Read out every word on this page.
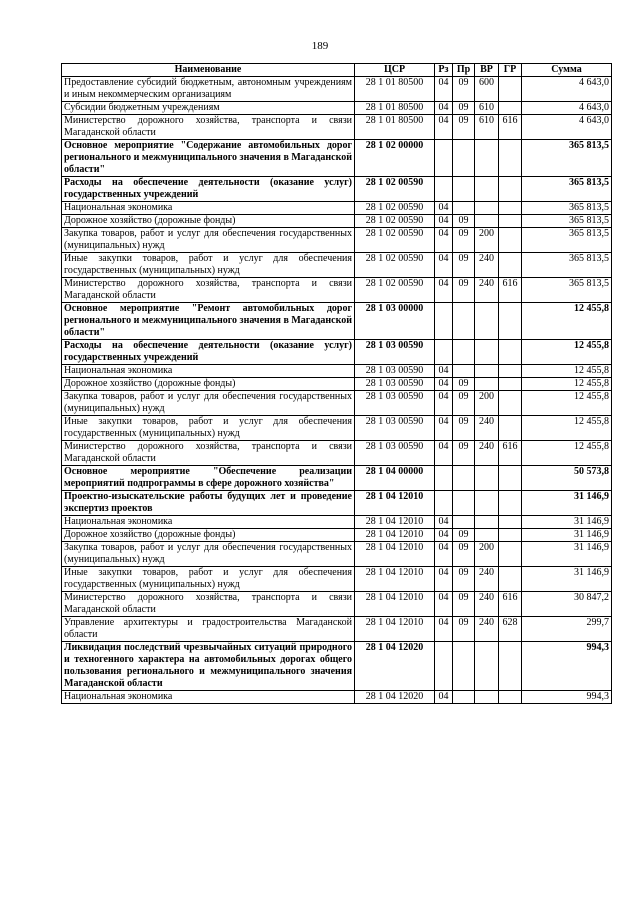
189
Наименование	ЦСР	Рз	Пр	ВР	ГР	Сумма
Предоставление субсидий бюджетным, автономным учреждениям и иным некоммерческим организациям	28 1 01 80500	04	09	600		4 643,0
Субсидии бюджетным учреждениям	28 1 01 80500	04	09	610		4 643,0
Министерство дорожного хозяйства, транспорта и связи Магаданской области	28 1 01 80500	04	09	610	616	4 643,0
Основное мероприятие "Содержание автомобильных дорог регионального и межмуниципального значения в Магаданской области"	28 1 02 00000					365 813,5
Расходы на обеспечение деятельности (оказание услуг) государственных учреждений	28 1 02 00590					365 813,5
Национальная экономика	28 1 02 00590	04				365 813,5
Дорожное хозяйство (дорожные фонды)	28 1 02 00590	04	09			365 813,5
Закупка товаров, работ и услуг для обеспечения государственных (муниципальных) нужд	28 1 02 00590	04	09	200		365 813,5
Иные закупки товаров, работ и услуг для обеспечения государственных (муниципальных) нужд	28 1 02 00590	04	09	240		365 813,5
Министерство дорожного хозяйства, транспорта и связи Магаданской области	28 1 02 00590	04	09	240	616	365 813,5
Основное мероприятие "Ремонт автомобильных дорог регионального и межмуниципального значения в Магаданской области"	28 1 03 00000					12 455,8
Расходы на обеспечение деятельности (оказание услуг) государственных учреждений	28 1 03 00590					12 455,8
Национальная экономика	28 1 03 00590	04				12 455,8
Дорожное хозяйство (дорожные фонды)	28 1 03 00590	04	09			12 455,8
Закупка товаров, работ и услуг для обеспечения государственных (муниципальных) нужд	28 1 03 00590	04	09	200		12 455,8
Иные закупки товаров, работ и услуг для обеспечения государственных (муниципальных) нужд	28 1 03 00590	04	09	240		12 455,8
Министерство дорожного хозяйства, транспорта и связи Магаданской области	28 1 03 00590	04	09	240	616	12 455,8
Основное мероприятие "Обеспечение реализации мероприятий подпрограммы в сфере дорожного хозяйства"	28 1 04 00000					50 573,8
Проектно-изыскательские работы будущих лет и проведение экспертиз проектов	28 1 04 12010					31 146,9
Национальная экономика	28 1 04 12010	04				31 146,9
Дорожное хозяйство (дорожные фонды)	28 1 04 12010	04	09			31 146,9
Закупка товаров, работ и услуг для обеспечения государственных (муниципальных) нужд	28 1 04 12010	04	09	200		31 146,9
Иные закупки товаров, работ и услуг для обеспечения государственных (муниципальных) нужд	28 1 04 12010	04	09	240		31 146,9
Министерство дорожного хозяйства, транспорта и связи Магаданской области	28 1 04 12010	04	09	240	616	30 847,2
Управление архитектуры и градостроительства Магаданской области	28 1 04 12010	04	09	240	628	299,7
Ликвидация последствий чрезвычайных ситуаций природного и техногенного характера на автомобильных дорогах общего пользования регионального и межмуниципального значения Магаданской области	28 1 04 12020					994,3
Национальная экономика	28 1 04 12020	04				994,3
